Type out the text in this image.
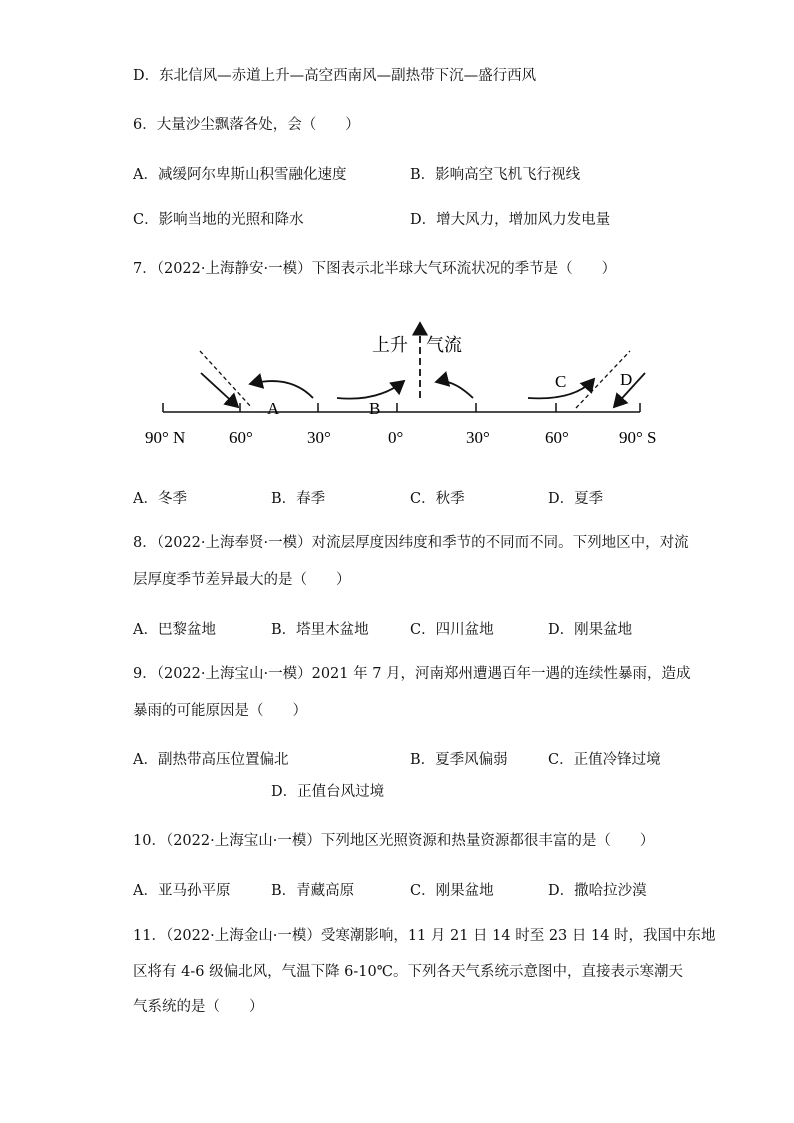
D．东北信风—赤道上升—高空西南风—副热带下沉—盛行西风
6．大量沙尘飘落各处，会（　　）
A．减缓阿尔卑斯山积雪融化速度	B．影响高空飞机飞行视线
C．影响当地的光照和降水	D．增大风力，增加风力发电量
7．（2022·上海静安·一模）下图表示北半球大气环流状况的季节是（　　）
90° N	60°	30°	0°	30°	60°	90° S
上升　气流
A	B
C	D
A．冬季	B．春季	C．秋季	D．夏季
8．（2022·上海奉贤·一模）对流层厚度因纬度和季节的不同而不同。下列地区中，对流
层厚度季节差异最大的是（　　）
A．巴黎盆地	B．塔里木盆地	C．四川盆地	D．刚果盆地
9．（2022·上海宝山·一模）2021 年 7 月，河南郑州遭遇百年一遇的连续性暴雨，造成
暴雨的可能原因是（　　）
A．副热带高压位置偏北	B．夏季风偏弱	C．正值冷锋过境
D．正值台风过境
10．（2022·上海宝山·一模）下列地区光照资源和热量资源都很丰富的是（　　）
A．亚马孙平原	B．青藏高原	C．刚果盆地	D．撒哈拉沙漠
11．（2022·上海金山·一模）受寒潮影响，11 月 21 日 14 时至 23 日 14 时，我国中东地
区将有 4-6 级偏北风，气温下降 6-10℃。下列各天气系统示意图中，直接表示寒潮天
气系统的是（　　）
